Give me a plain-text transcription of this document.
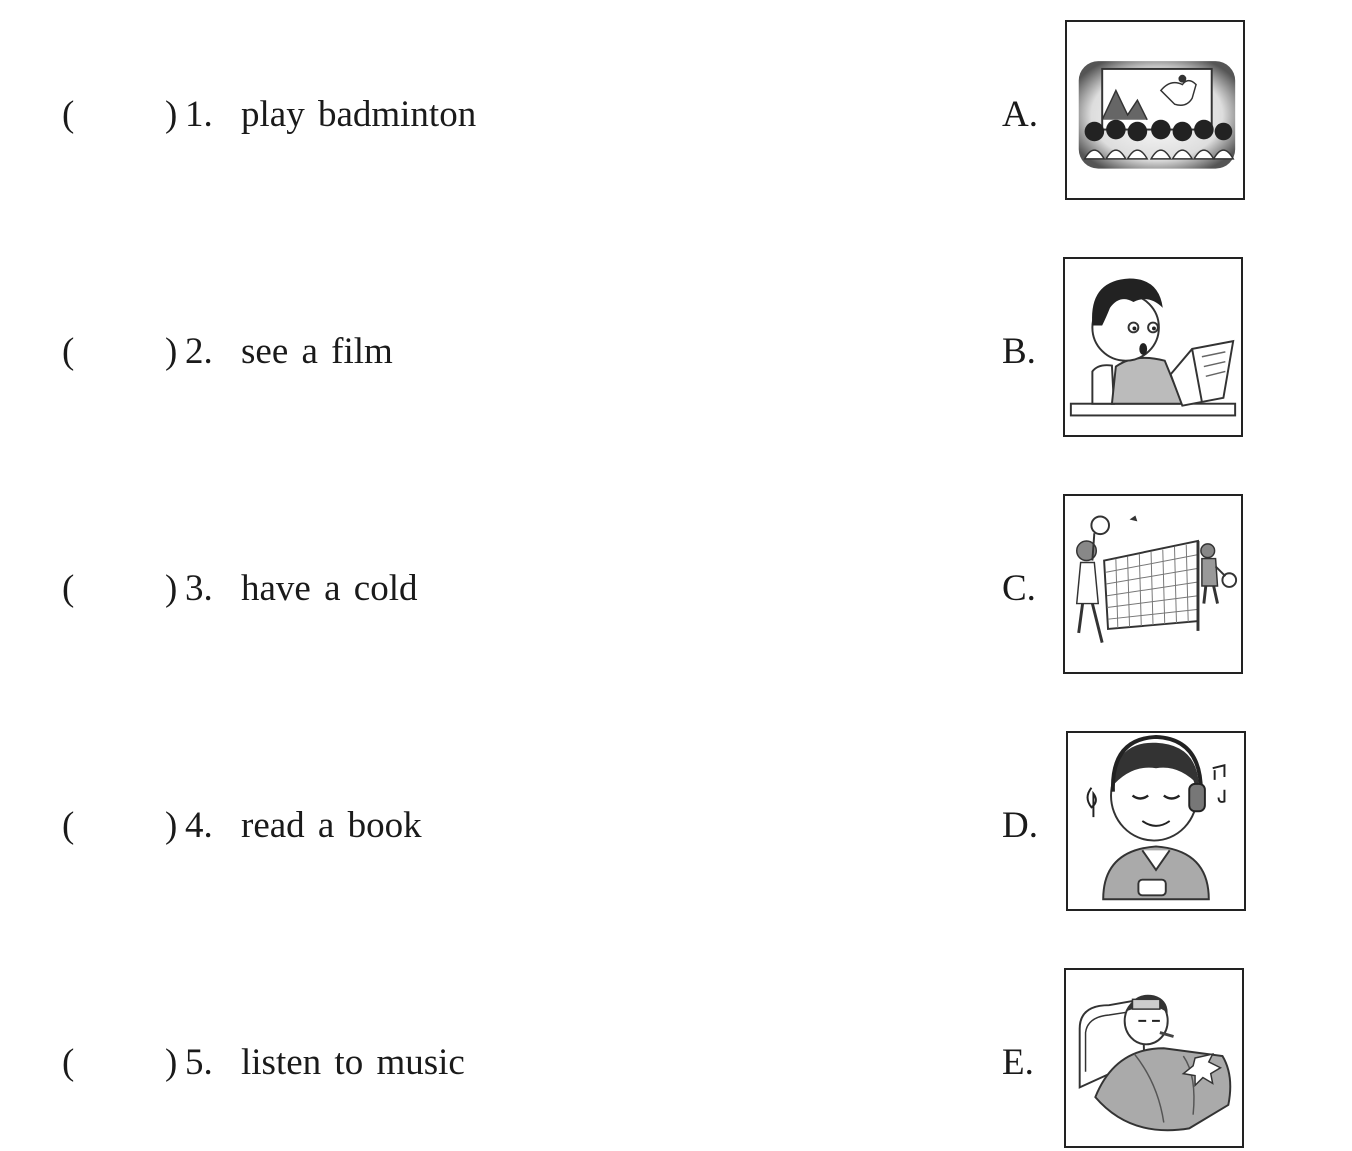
( ) 1. play badminton	A.
( ) 2. see a film	B.
( ) 3. have a cold	C.
( ) 4. read a book	D.
( ) 5. listen to music	E.
